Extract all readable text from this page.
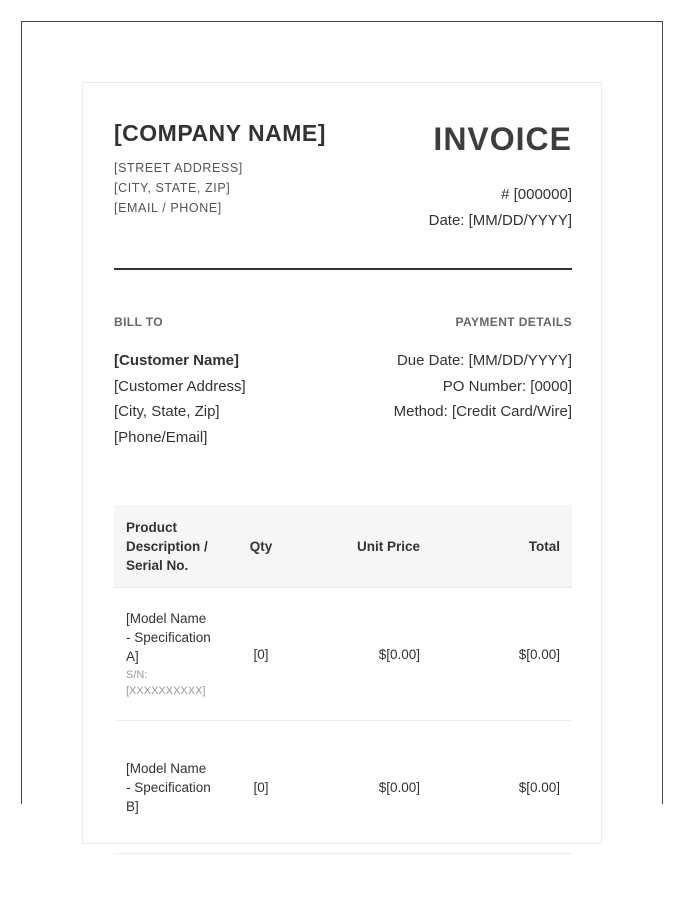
[COMPANY NAME]
[STREET ADDRESS]
[CITY, STATE, ZIP]
[EMAIL / PHONE]
INVOICE
# [000000]
Date: [MM/DD/YYYY]
BILL TO	PAYMENT DETAILS
[Customer Name]
[Customer Address]
[City, State, Zip]
[Phone/Email]
Due Date: [MM/DD/YYYY]
PO Number: [0000]
Method: [Credit Card/Wire]
Product Description / Serial No.	Qty	Unit Price	Total

[Model Name - Specification A]
S/N: [XXXXXXXXXX]	[0]	$[0.00]	$[0.00]

[Model Name - Specification B]	[0]	$[0.00]	$[0.00]
